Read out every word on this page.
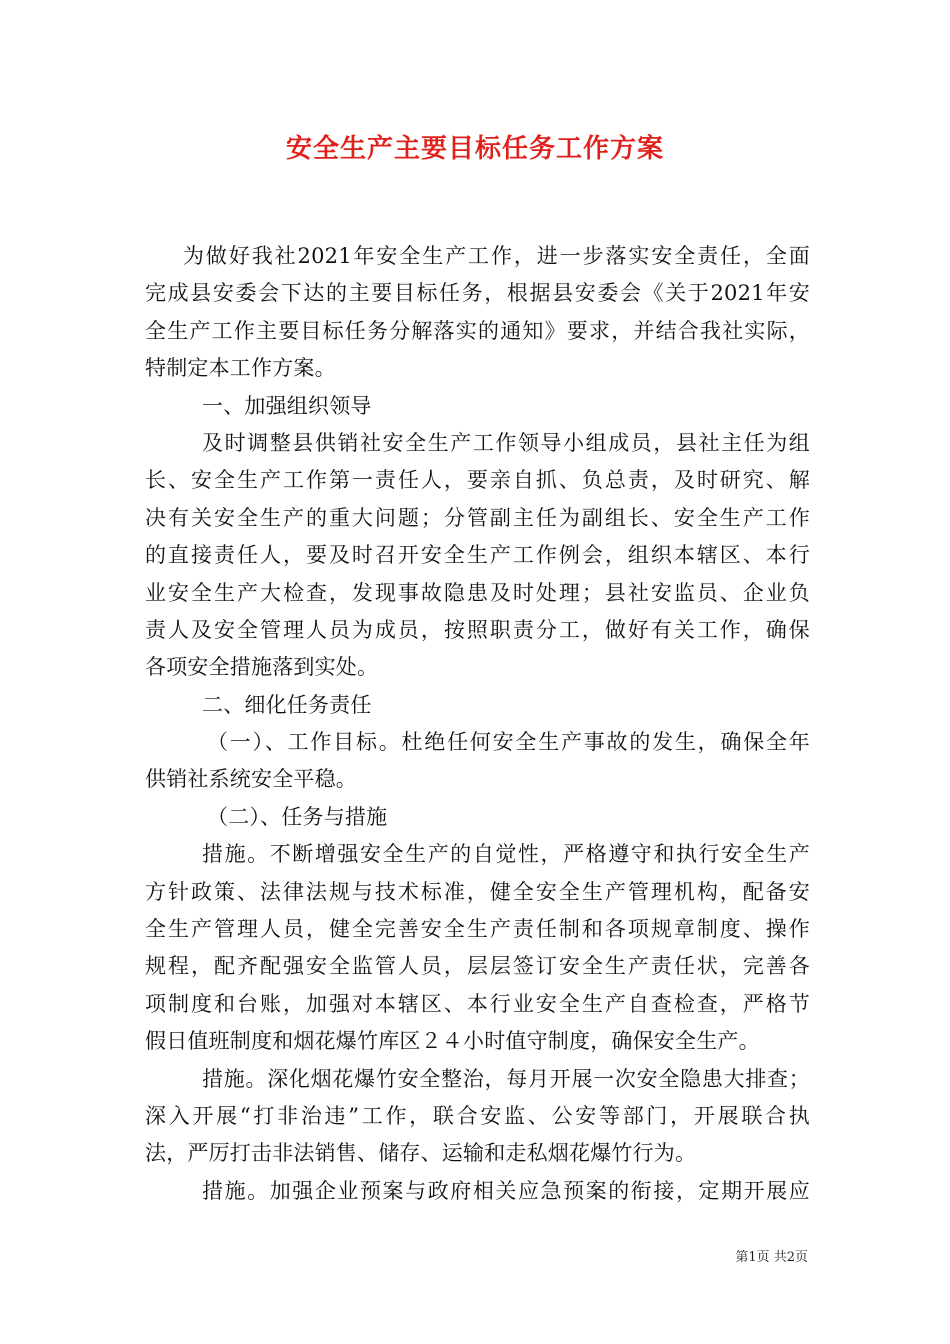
安全生产主要目标任务工作方案
为做好我社2021年安全生产工作，进一步落实安全责任，全面
完成县安委会下达的主要目标任务，根据县安委会《关于2021年安
全生产工作主要目标任务分解落实的通知》要求，并结合我社实际，
特制定本工作方案。
一、加强组织领导
及时调整县供销社安全生产工作领导小组成员，县社主任为组
长、安全生产工作第一责任人，要亲自抓、负总责，及时研究、解
决有关安全生产的重大问题；分管副主任为副组长、安全生产工作
的直接责任人，要及时召开安全生产工作例会，组织本辖区、本行
业安全生产大检查，发现事故隐患及时处理；县社安监员、企业负
责人及安全管理人员为成员，按照职责分工，做好有关工作，确保
各项安全措施落到实处。
二、细化任务责任
（一）、工作目标。杜绝任何安全生产事故的发生，确保全年
供销社系统安全平稳。
（二）、任务与措施
措施。不断增强安全生产的自觉性，严格遵守和执行安全生产
方针政策、法律法规与技术标准，健全安全生产管理机构，配备安
全生产管理人员，健全完善安全生产责任制和各项规章制度、操作
规程，配齐配强安全监管人员，层层签订安全生产责任状，完善各
项制度和台账，加强对本辖区、本行业安全生产自查检查，严格节
假日值班制度和烟花爆竹库区２４小时值守制度，确保安全生产。
措施。深化烟花爆竹安全整治，每月开展一次安全隐患大排查；
深入开展“打非治违”工作，联合安监、公安等部门，开展联合执
法，严厉打击非法销售、储存、运输和走私烟花爆竹行为。
措施。加强企业预案与政府相关应急预案的衔接，定期开展应
第1页 共2页
